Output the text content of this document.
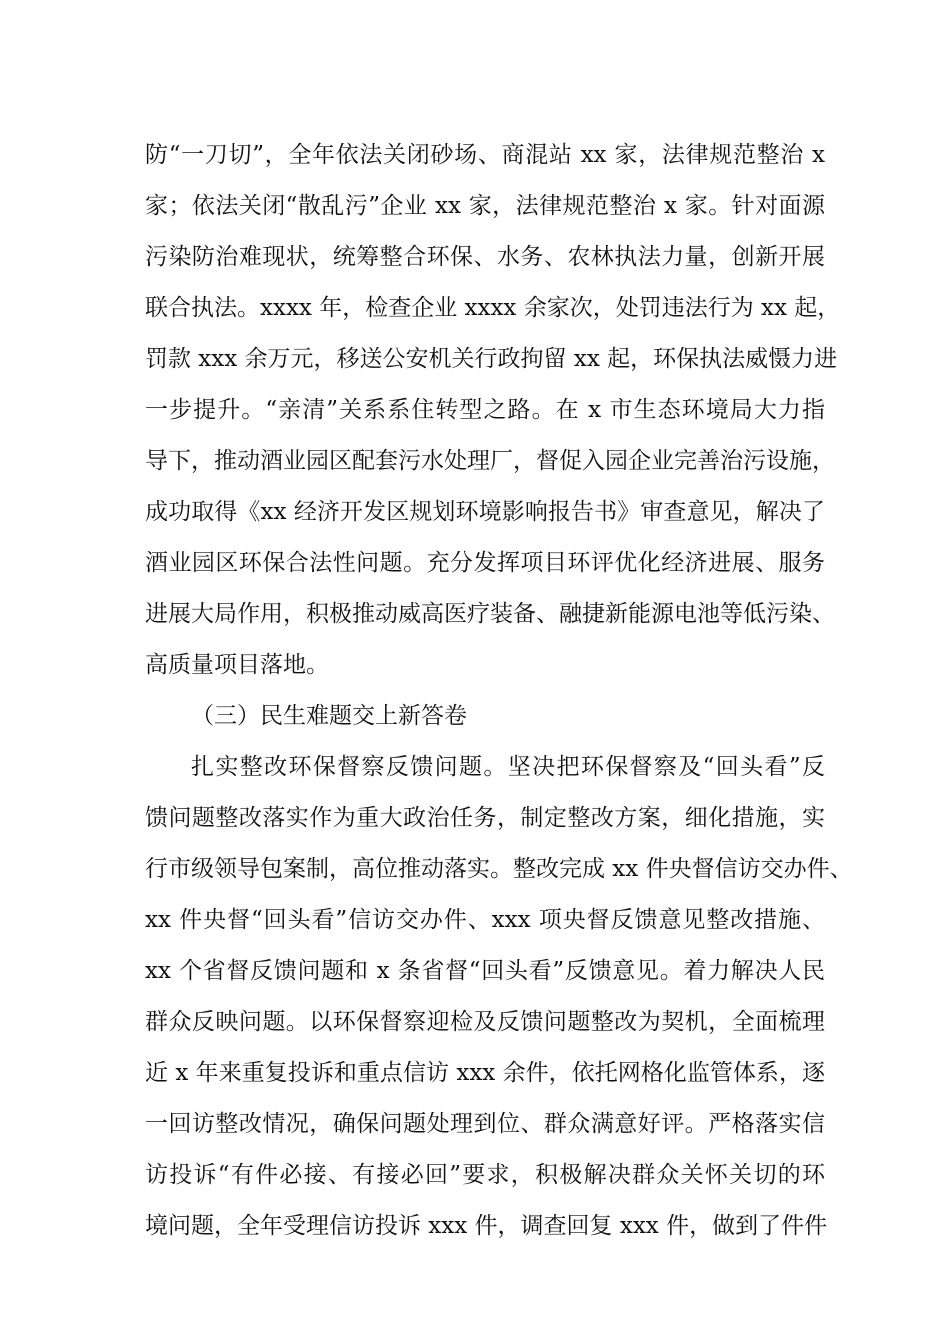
防“一刀切”，全年依法关闭砂场、商混站 xx 家，法律规范整治 x
家；依法关闭“散乱污”企业 xx 家，法律规范整治 x 家。针对面源
污染防治难现状，统筹整合环保、水务、农林执法力量，创新开展
联合执法。xxxx 年，检查企业 xxxx 余家次，处罚违法行为 xx 起，
罚款 xxx 余万元，移送公安机关行政拘留 xx 起，环保执法威慑力进
一步提升。“亲清”关系系住转型之路。在 x 市生态环境局大力指
导下，推动酒业园区配套污水处理厂，督促入园企业完善治污设施，
成功取得《xx 经济开发区规划环境影响报告书》审查意见，解决了
酒业园区环保合法性问题。充分发挥项目环评优化经济进展、服务
进展大局作用，积极推动威高医疗装备、融捷新能源电池等低污染、
高质量项目落地。
（三）民生难题交上新答卷
扎实整改环保督察反馈问题。坚决把环保督察及“回头看”反
馈问题整改落实作为重大政治任务，制定整改方案，细化措施，实
行市级领导包案制，高位推动落实。整改完成 xx 件央督信访交办件、
xx 件央督“回头看”信访交办件、xxx 项央督反馈意见整改措施、
xx 个省督反馈问题和 x 条省督“回头看”反馈意见。着力解决人民
群众反映问题。以环保督察迎检及反馈问题整改为契机，全面梳理
近 x 年来重复投诉和重点信访 xxx 余件，依托网格化监管体系，逐
一回访整改情况，确保问题处理到位、群众满意好评。严格落实信
访投诉“有件必接、有接必回”要求，积极解决群众关怀关切的环
境问题，全年受理信访投诉 xxx 件，调查回复 xxx 件，做到了件件
